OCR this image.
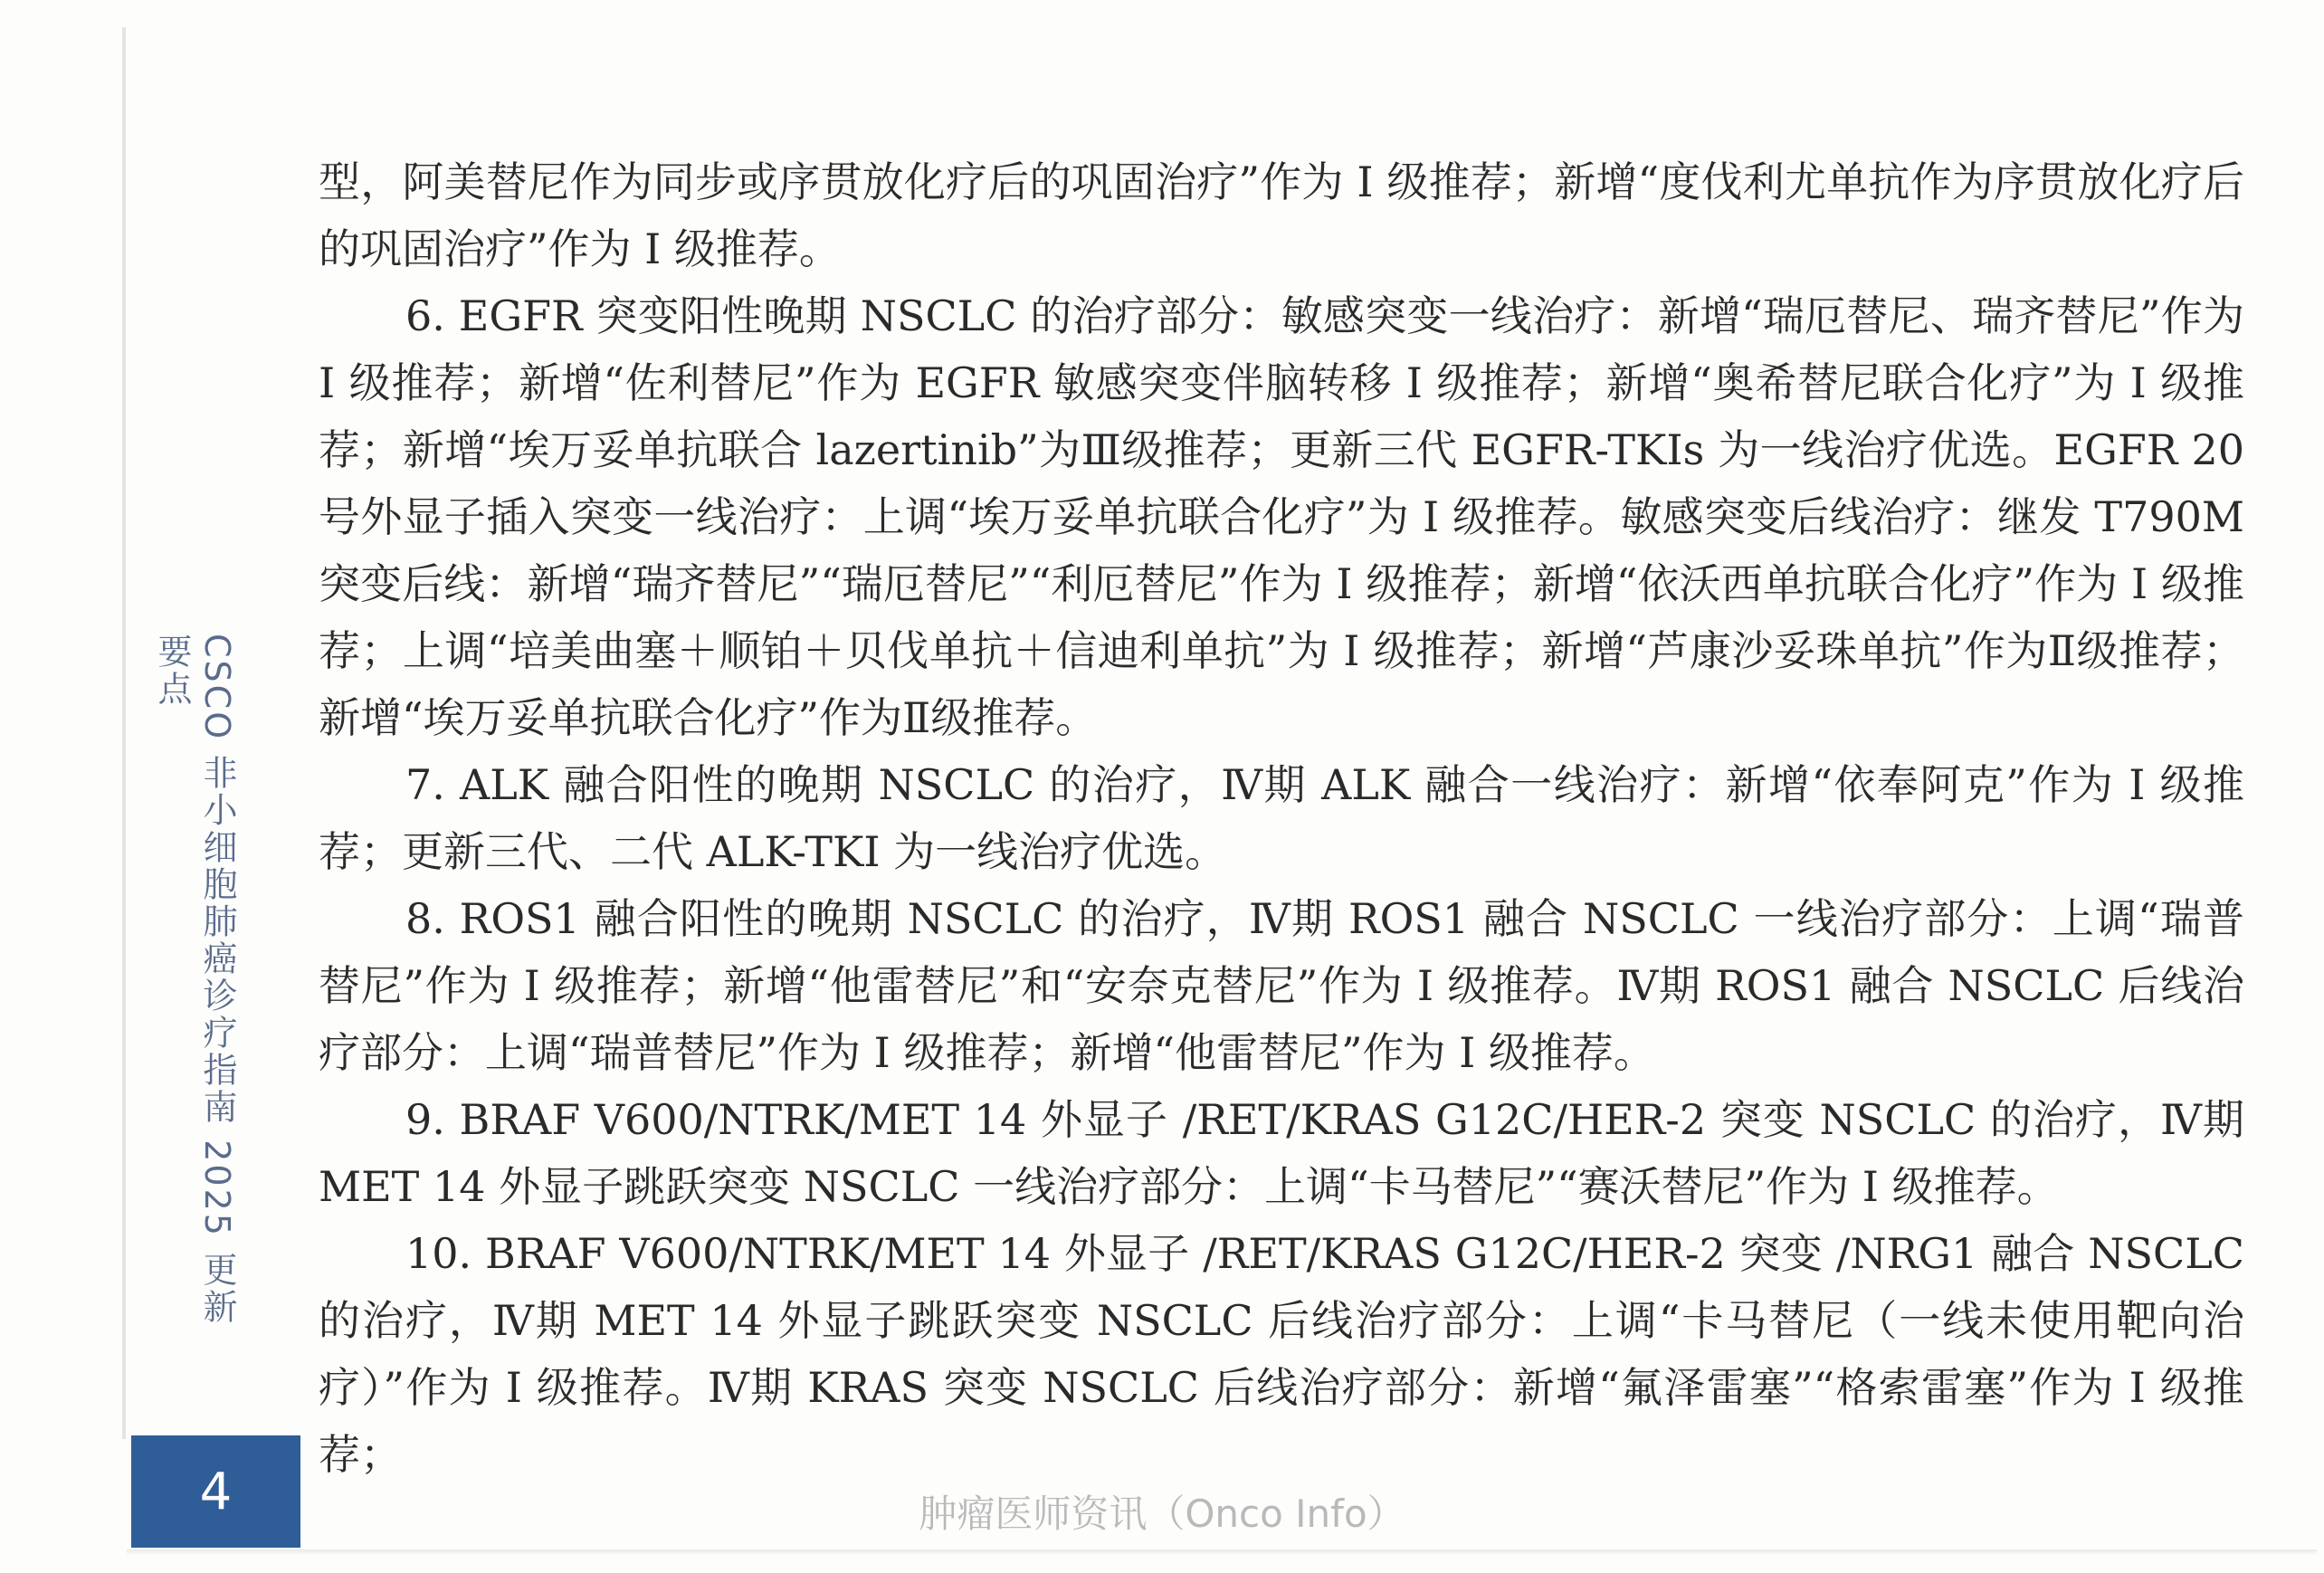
CSCO 非小细胞肺癌诊疗指南 2025 更新要点
4

型，阿美替尼作为同步或序贯放化疗后的巩固治疗”作为 I 级推荐；新增“度伐利尤单抗作为序贯放化疗后的巩固治疗”作为 I 级推荐。

6. EGFR 突变阳性晚期 NSCLC 的治疗部分：敏感突变一线治疗：新增“瑞厄替尼、瑞齐替尼”作为 I 级推荐；新增“佐利替尼”作为 EGFR 敏感突变伴脑转移 I 级推荐；新增“奥希替尼联合化疗”为 I 级推荐；新增“埃万妥单抗联合 lazertinib”为Ⅲ级推荐；更新三代 EGFR-TKIs 为一线治疗优选。EGFR 20 号外显子插入突变一线治疗：上调“埃万妥单抗联合化疗”为 I 级推荐。敏感突变后线治疗：继发 T790M 突变后线：新增“瑞齐替尼”“瑞厄替尼”“利厄替尼”作为 I 级推荐；新增“依沃西单抗联合化疗”作为 I 级推荐；上调“培美曲塞＋顺铂＋贝伐单抗＋信迪利单抗”为 I 级推荐；新增“芦康沙妥珠单抗”作为Ⅱ级推荐；新增“埃万妥单抗联合化疗”作为Ⅱ级推荐。

7. ALK 融合阳性的晚期 NSCLC 的治疗，Ⅳ期 ALK 融合一线治疗：新增“依奉阿克”作为 I 级推荐；更新三代、二代 ALK-TKI 为一线治疗优选。

8. ROS1 融合阳性的晚期 NSCLC 的治疗，Ⅳ期 ROS1 融合 NSCLC 一线治疗部分：上调“瑞普替尼”作为 I 级推荐；新增“他雷替尼”和“安奈克替尼”作为 I 级推荐。Ⅳ期 ROS1 融合 NSCLC 后线治疗部分：上调“瑞普替尼”作为 I 级推荐；新增“他雷替尼”作为 I 级推荐。

9. BRAF V600/NTRK/MET 14 外显子 /RET/KRAS G12C/HER-2 突变 NSCLC 的治疗，Ⅳ期 MET 14 外显子跳跃突变 NSCLC 一线治疗部分：上调“卡马替尼”“赛沃替尼”作为 I 级推荐。

10. BRAF V600/NTRK/MET 14 外显子 /RET/KRAS G12C/HER-2 突变 /NRG1 融合 NSCLC 的治疗，Ⅳ期 MET 14 外显子跳跃突变 NSCLC 后线治疗部分：上调“卡马替尼（一线未使用靶向治疗）”作为 I 级推荐。Ⅳ期 KRAS 突变 NSCLC 后线治疗部分：新增“氟泽雷塞”“格索雷塞”作为 I 级推荐；

肿瘤医师资讯（Onco Info）
